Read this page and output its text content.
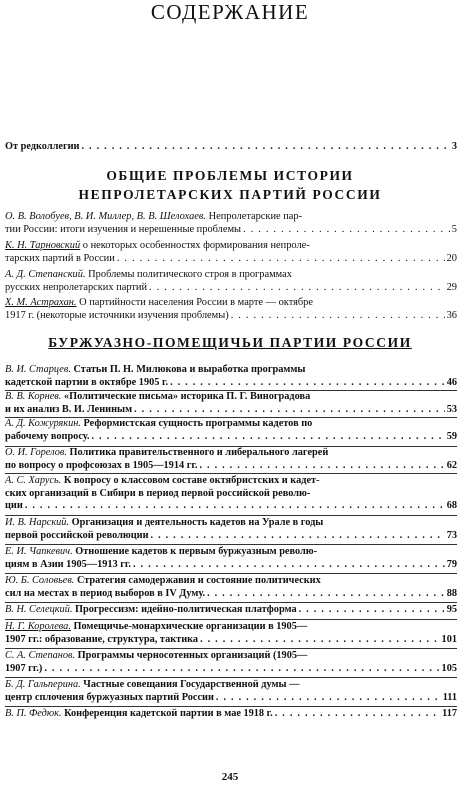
СОДЕРЖАНИЕ
От редколлегии . . .	3
ОБЩИЕ ПРОБЛЕМЫ ИСТОРИИ
НЕПРОЛЕТАРСКИХ ПАРТИЙ РОССИИ
О. В. Волобуев, В. И. Миллер, В. В. Шелохаев. Непролетарские пар-
тии России: итоги изучения и нерешенные проблемы . . .	5
К. Н. Тарновский о некоторых особенностях формирования непроле-
тарских партий в России . . .	20
А. Д. Степанский. Проблемы политического строя в программах
русских непролетарских партий . . .	29
Х. М. Астрахан. О партийности населения России в марте — октябре
1917 г. (некоторые источники изучения проблемы) . . .	36
БУРЖУАЗНО-ПОМЕЩИЧЬИ ПАРТИИ РОССИИ
В. И. Старцев. Статьи П. Н. Милюкова и выработка программы
кадетской партии в октябре 1905 г. . . .	46
В. В. Корнев. «Политические письма» историка П. Г. Виноградова
и их анализ В. И. Лениным . . .	53
А. Д. Кожурякин. Реформистская сущность программы кадетов по
рабочему вопросу. . . .	59
О. И. Горелов. Политика правительственного и либерального лагерей
по вопросу о профсоюзах в 1905—1914 гг. . . .	62
А. С. Харусь. К вопросу о классовом составе октябристских и кадет-
ских организаций в Сибири в период первой российской револю-
ции . . .	68
И. В. Нарский. Организация и деятельность кадетов на Урале в годы
первой российской революции . . .	73
Е. И. Чапкевич. Отношение кадетов к первым буржуазным револю-
циям в Азии 1905—1913 гг. . . .	79
Ю. Б. Соловьев. Стратегия самодержавия и состояние политических
сил на местах в период выборов в IV Думу. . . .	88
В. Н. Селецкий.
Прогрессизм: идейно-политическая платформа . . .	95
Н. Г. Королева. Помещичье-монархические организации в 1905—
1907 гг.: образование, структура, тактика . . .	101
С. А. Степанов. Программы черносотенных организаций (1905—
1907 гг.) . . .	105
Б. Д. Гальперина. Частные совещания Государственной думы —
центр сплочения буржуазных партий России . . .	111
В. П. Федюк.
Конференция кадетской партии в мае 1918 г. . . .	117
245
